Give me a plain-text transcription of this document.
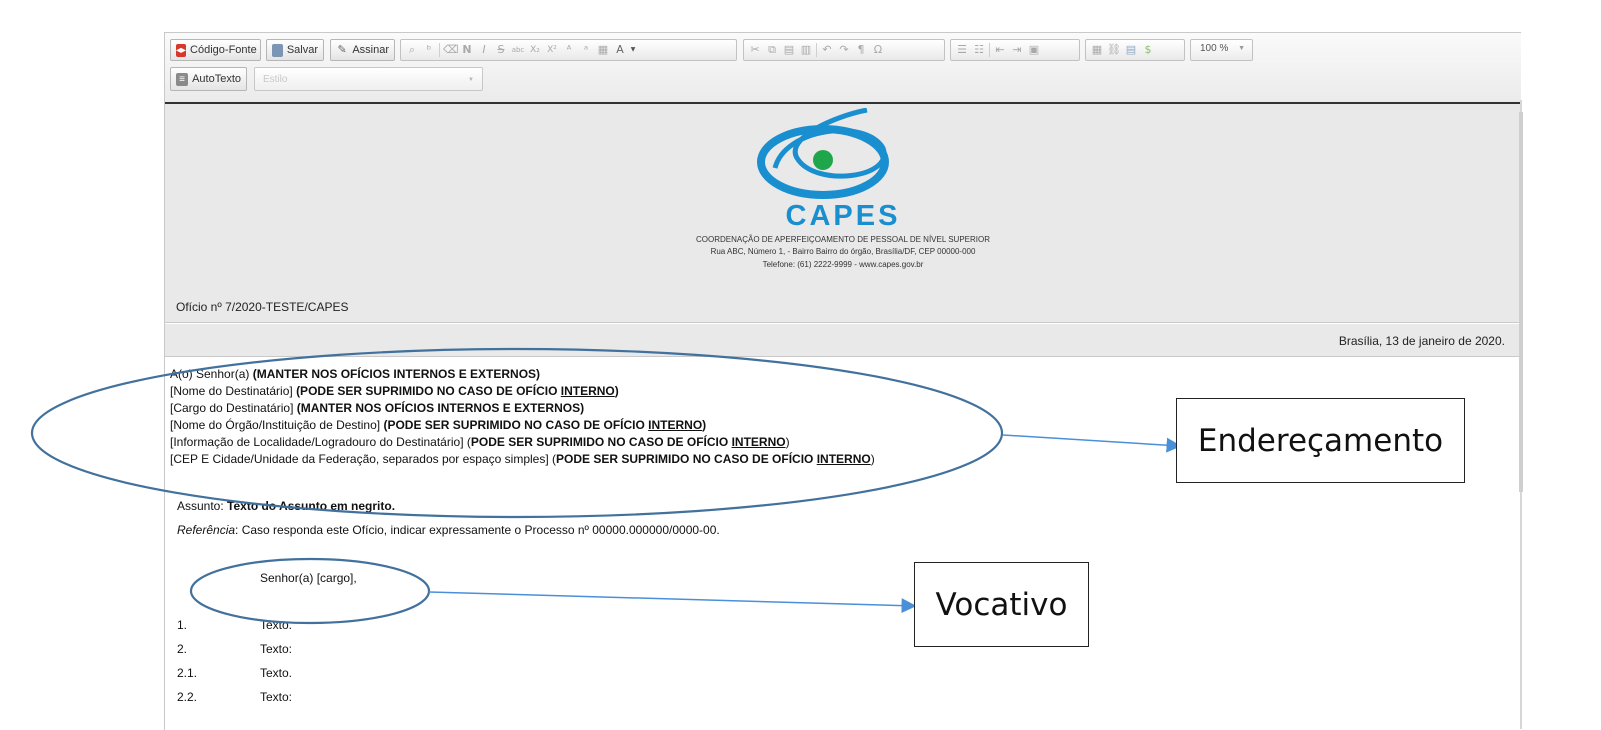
◂▸ Código-Fonte	Salvar ✎ Assinar	⌕	ᵇ	⌫ N I	S	abc X₂ X² ᴬ	ᵃ ▦ A	▼	✂ ⧉ ▤ ▥ ↶ ↷ ¶ Ω	☰ ☷ ⇤ ⇥ ▣	▦ ⛓ ▤ $	100 % ▼
≡ AutoTexto	Estilo	▼
CAPES
COORDENAÇÃO DE APERFEIÇOAMENTO DE PESSOAL DE NÍVEL SUPERIOR
Rua ABC, Número 1, - Bairro Bairro do órgão, Brasília/DF, CEP 00000-000
Telefone: (61) 2222-9999 - www.capes.gov.br
Ofício nº 7/2020-TESTE/CAPES
Brasília, 13 de janeiro de 2020.
A(o) Senhor(a) (MANTER NOS OFÍCIOS INTERNOS E EXTERNOS)
[Nome do Destinatário] (PODE SER SUPRIMIDO NO CASO DE OFÍCIO INTERNO)
[Cargo do Destinatário] (MANTER NOS OFÍCIOS INTERNOS E EXTERNOS)
[Nome do Órgão/Instituição de Destino] (PODE SER SUPRIMIDO NO CASO DE OFÍCIO INTERNO)
[Informação de Localidade/Logradouro do Destinatário] (PODE SER SUPRIMIDO NO CASO DE OFÍCIO INTERNO)
[CEP E Cidade/Unidade da Federação, separados por espaço simples] (PODE SER SUPRIMIDO NO CASO DE OFÍCIO INTERNO)
Assunto: Texto do Assunto em negrito.
Referência: Caso responda este Ofício, indicar expressamente o Processo nº 00000.000000/0000-00.
Senhor(a) [cargo],
1.	Texto.
2.	Texto:
2.1.	Texto.
2.2.	Texto:
Endereçamento
Vocativo
